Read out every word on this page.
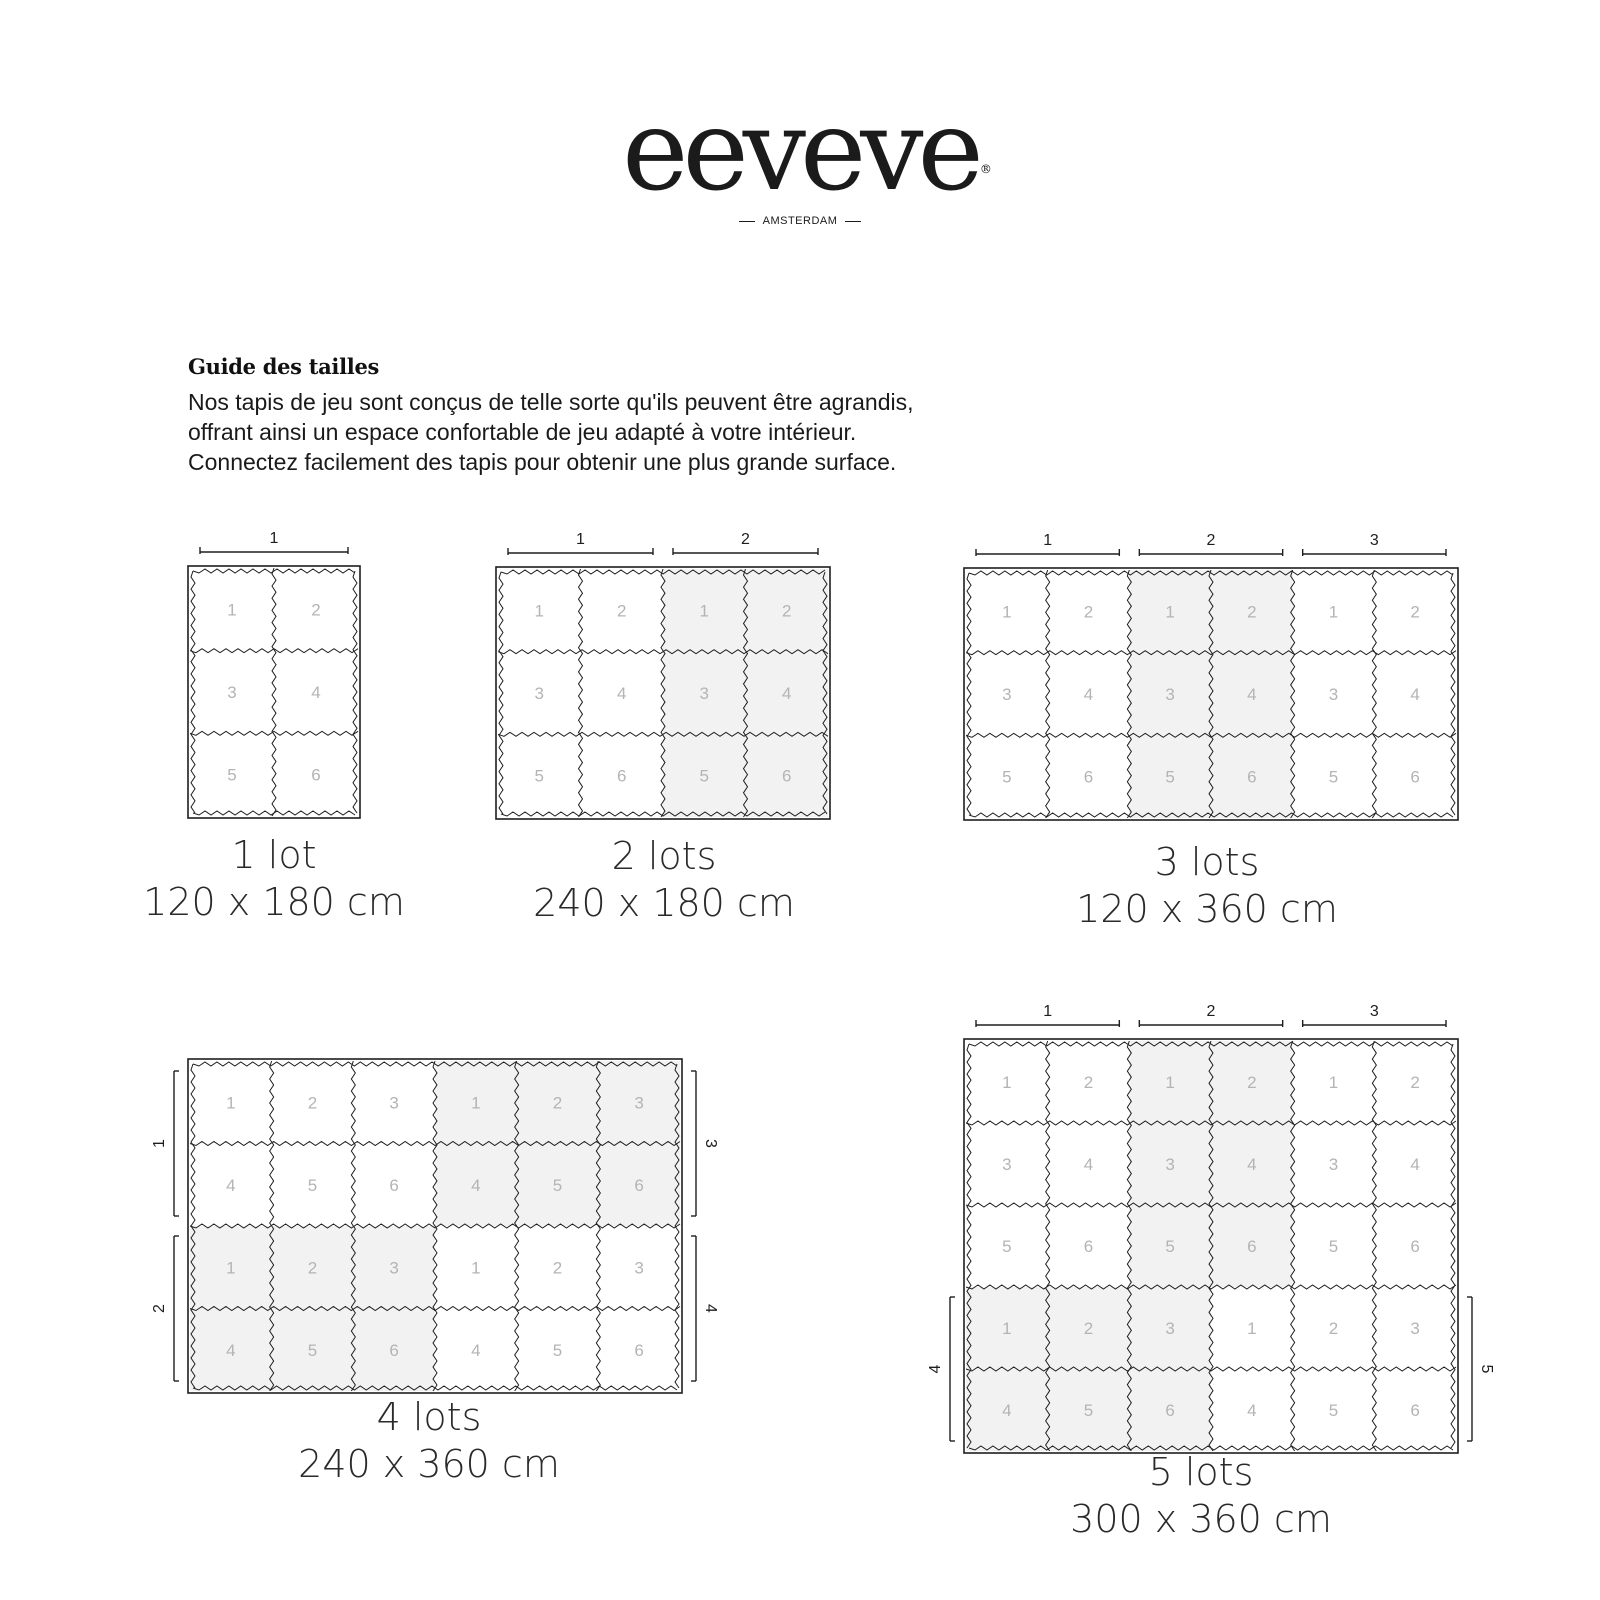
eeveve ®
AMSTERDAM
Guide des tailles
Nos tapis de jeu sont conçus de telle sorte qu'ils peuvent être agrandis,
offrant ainsi un espace confortable de jeu adapté à votre intérieur.
Connectez facilement des tapis pour obtenir une plus grande surface.
1	2
3	4
5	6
1
1	2	1	2
3	4	3	4
5	6	5	6
1	2
1	2	1	2	1	2
3	4	3	4	3	4
5	6	5	6	5	6
1	2	3
1	2	3	1	2	3
4	5	6	4	5	6
1	2	3	1	2	3
4	5	6	4	5	6
1
2
3
4
1	2	1	2	1	2
3	4	3	4	3	4
5	6	5	6	5	6
1	2	3	1	2	3
4	5	6	4	5	6
1	2	3
4	5
1 lot
120 x 180 cm
2 lots
240 x 180 cm
3 lots
120 x 360 cm
4 lots
240 x 360 cm	5 lots
300 x 360 cm
